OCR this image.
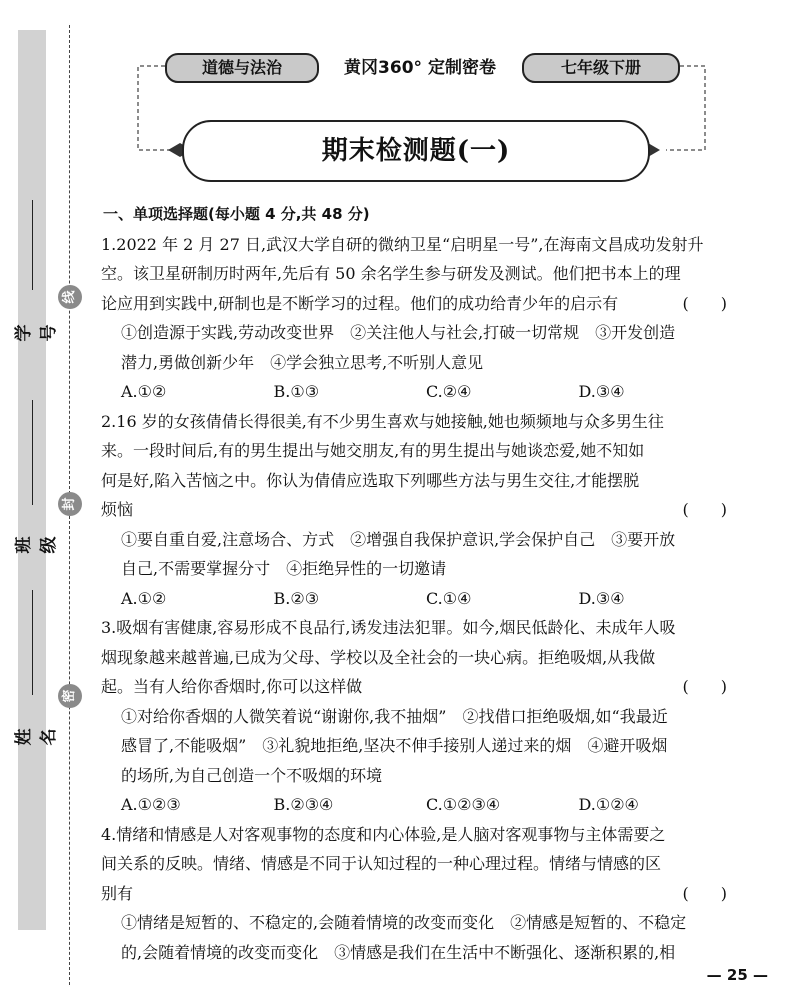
学号
班级
姓名
线
封
密
道德与法治	黄冈360° 定制密卷	七年级下册
期末检测题(一)
一、单项选择题(每小题 4 分,共 48 分)
1.2022 年 2 月 27 日,武汉大学自研的微纳卫星“启明星一号”,在海南文昌成功发射升
空。该卫星研制历时两年,先后有 50 余名学生参与研发及测试。他们把书本上的理
论应用到实践中,研制也是不断学习的过程。他们的成功给青少年的启示有	(　　)
①创造源于实践,劳动改变世界　②关注他人与社会,打破一切常规　③开发创造
潜力,勇做创新少年　④学会独立思考,不听别人意见
A.①②	B.①③	C.②④	D.③④
2.16 岁的女孩倩倩长得很美,有不少男生喜欢与她接触,她也频频地与众多男生往
来。一段时间后,有的男生提出与她交朋友,有的男生提出与她谈恋爱,她不知如
何是好,陷入苦恼之中。你认为倩倩应选取下列哪些方法与男生交往,才能摆脱
烦恼	(　　)
①要自重自爱,注意场合、方式　②增强自我保护意识,学会保护自己　③要开放
自己,不需要掌握分寸　④拒绝异性的一切邀请
A.①②	B.②③	C.①④	D.③④
3.吸烟有害健康,容易形成不良品行,诱发违法犯罪。如今,烟民低龄化、未成年人吸
烟现象越来越普遍,已成为父母、学校以及全社会的一块心病。拒绝吸烟,从我做
起。当有人给你香烟时,你可以这样做	(　　)
①对给你香烟的人微笑着说“谢谢你,我不抽烟”　②找借口拒绝吸烟,如“我最近
感冒了,不能吸烟”　③礼貌地拒绝,坚决不伸手接别人递过来的烟　④避开吸烟
的场所,为自己创造一个不吸烟的环境
A.①②③	B.②③④	C.①②③④	D.①②④
4.情绪和情感是人对客观事物的态度和内心体验,是人脑对客观事物与主体需要之
间关系的反映。情绪、情感是不同于认知过程的一种心理过程。情绪与情感的区
别有	(　　)
①情绪是短暂的、不稳定的,会随着情境的改变而变化　②情感是短暂的、不稳定
的,会随着情境的改变而变化　③情感是我们在生活中不断强化、逐渐积累的,相
— 25 —
